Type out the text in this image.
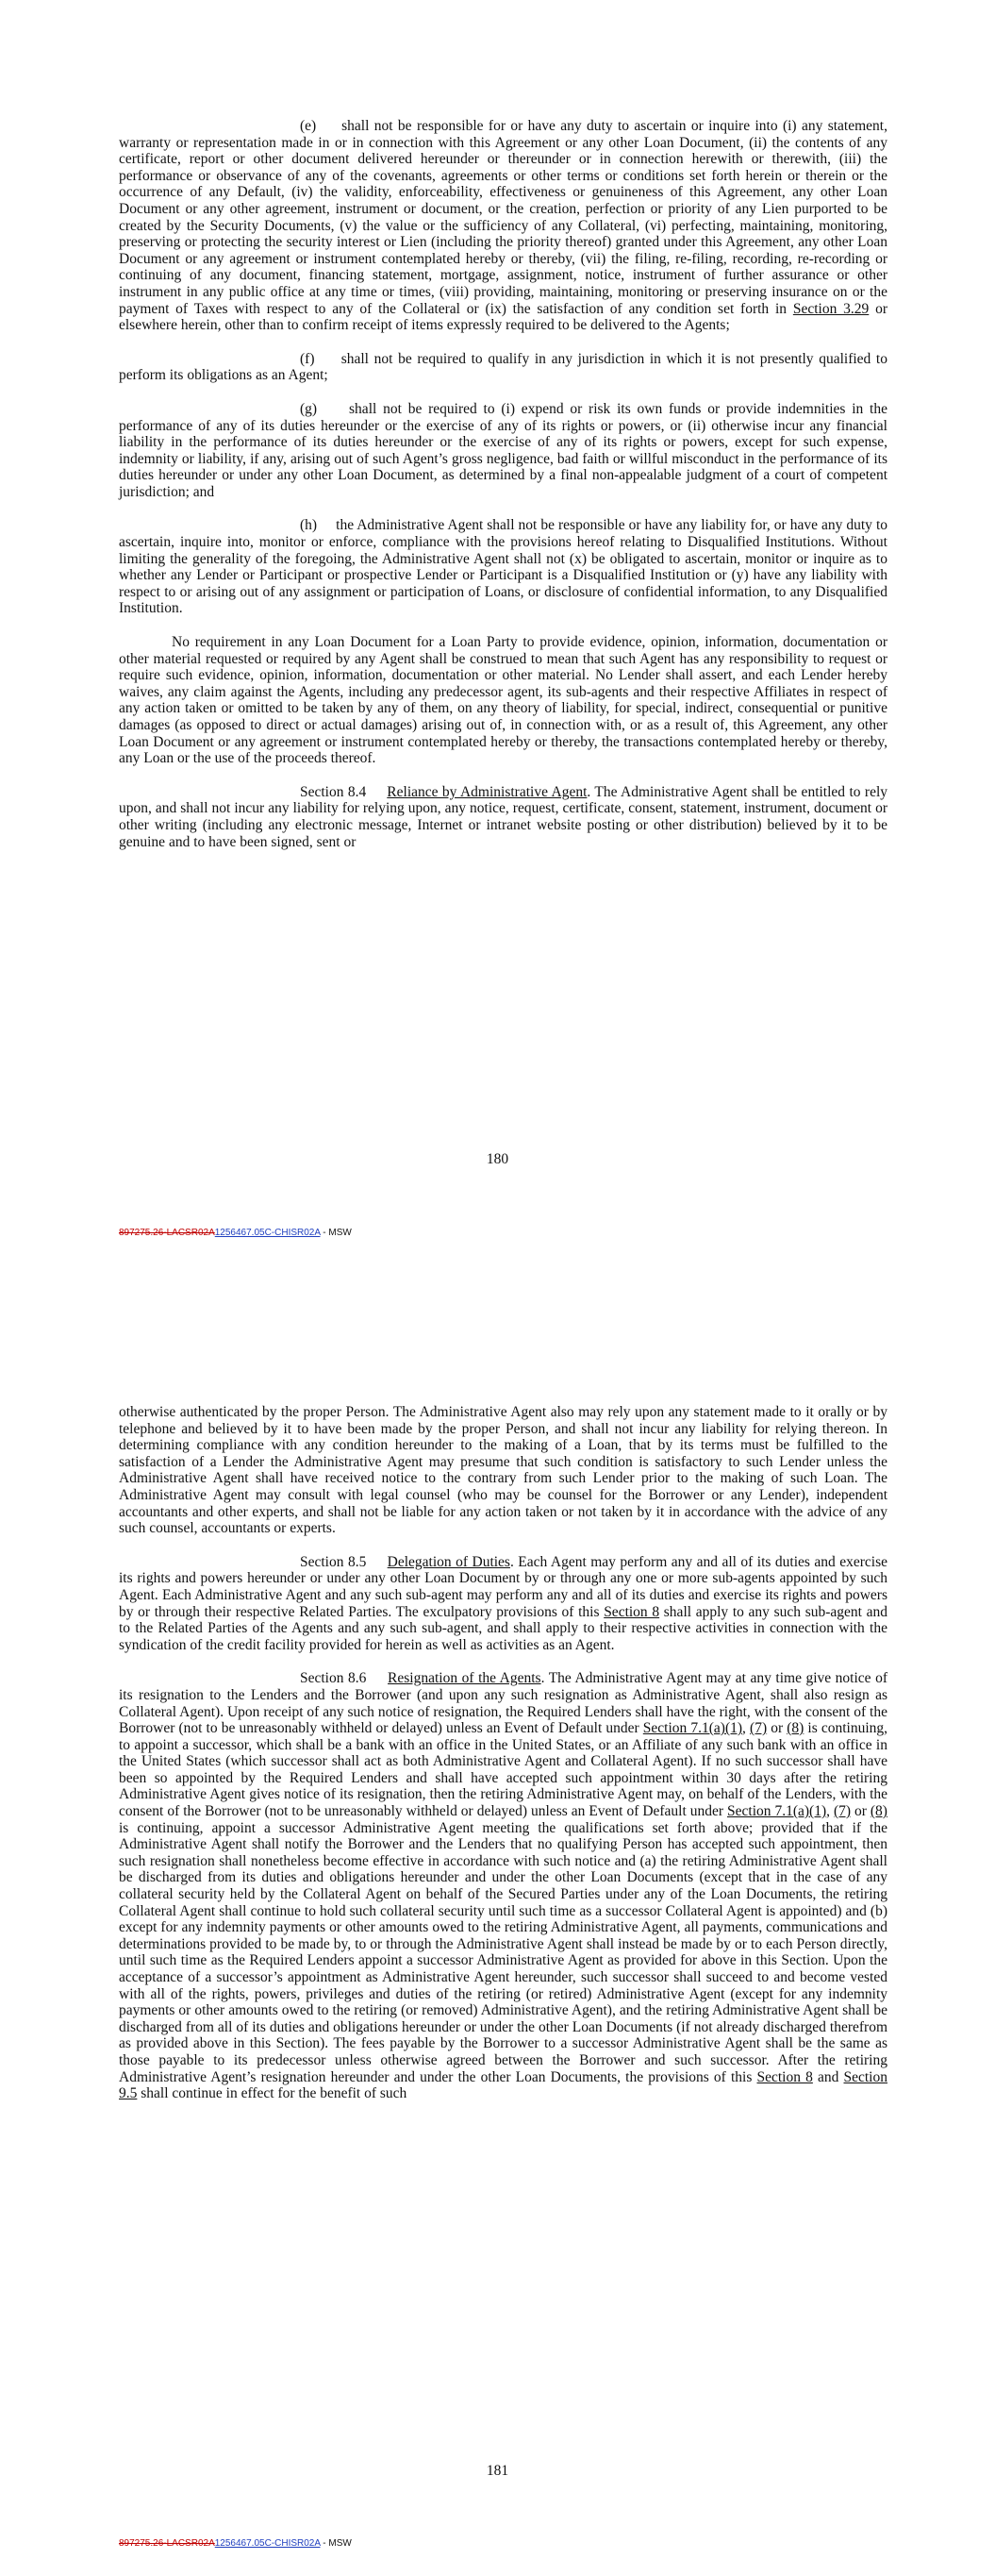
(e)     shall not be responsible for or have any duty to ascertain or inquire into (i) any statement, warranty or representation made in or in connection with this Agreement or any other Loan Document, (ii) the contents of any certificate, report or other document delivered hereunder or thereunder or in connection herewith or therewith, (iii) the performance or observance of any of the covenants, agreements or other terms or conditions set forth herein or therein or the occurrence of any Default, (iv) the validity, enforceability, effectiveness or genuineness of this Agreement, any other Loan Document or any other agreement, instrument or document, or the creation, perfection or priority of any Lien purported to be created by the Security Documents, (v) the value or the sufficiency of any Collateral, (vi) perfecting, maintaining, monitoring, preserving or protecting the security interest or Lien (including the priority thereof) granted under this Agreement, any other Loan Document or any agreement or instrument contemplated hereby or thereby, (vii) the filing, re-filing, recording, re-recording or continuing of any document, financing statement, mortgage, assignment, notice, instrument of further assurance or other instrument in any public office at any time or times, (viii) providing, maintaining, monitoring or preserving insurance on or the payment of Taxes with respect to any of the Collateral or (ix) the satisfaction of any condition set forth in Section 3.29 or elsewhere herein, other than to confirm receipt of items expressly required to be delivered to the Agents;

(f)     shall not be required to qualify in any jurisdiction in which it is not presently qualified to perform its obligations as an Agent;

(g)     shall not be required to (i) expend or risk its own funds or provide indemnities in the performance of any of its duties hereunder or the exercise of any of its rights or powers, or (ii) otherwise incur any financial liability in the performance of its duties hereunder or the exercise of any of its rights or powers, except for such expense, indemnity or liability, if any, arising out of such Agent’s gross negligence, bad faith or willful misconduct in the performance of its duties hereunder or under any other Loan Document, as determined by a final non-appealable judgment of a court of competent jurisdiction; and

(h)     the Administrative Agent shall not be responsible or have any liability for, or have any duty to ascertain, inquire into, monitor or enforce, compliance with the provisions hereof relating to Disqualified Institutions. Without limiting the generality of the foregoing, the Administrative Agent shall not (x) be obligated to ascertain, monitor or inquire as to whether any Lender or Participant or prospective Lender or Participant is a Disqualified Institution or (y) have any liability with respect to or arising out of any assignment or participation of Loans, or disclosure of confidential information, to any Disqualified Institution.

No requirement in any Loan Document for a Loan Party to provide evidence, opinion, information, documentation or other material requested or required by any Agent shall be construed to mean that such Agent has any responsibility to request or require such evidence, opinion, information, documentation or other material. No Lender shall assert, and each Lender hereby waives, any claim against the Agents, including any predecessor agent, its sub-agents and their respective Affiliates in respect of any action taken or omitted to be taken by any of them, on any theory of liability, for special, indirect, consequential or punitive damages (as opposed to direct or actual damages) arising out of, in connection with, or as a result of, this Agreement, any other Loan Document or any agreement or instrument contemplated hereby or thereby, the transactions contemplated hereby or thereby, any Loan or the use of the proceeds thereof.

Section 8.4     Reliance by Administrative Agent. The Administrative Agent shall be entitled to rely upon, and shall not incur any liability for relying upon, any notice, request, certificate, consent, statement, instrument, document or other writing (including any electronic message, Internet or intranet website posting or other distribution) believed by it to be genuine and to have been signed, sent or

180
897275.26-LACSR02A1256467.05C-CHISR02A - MSW

otherwise authenticated by the proper Person. The Administrative Agent also may rely upon any statement made to it orally or by telephone and believed by it to have been made by the proper Person, and shall not incur any liability for relying thereon. In determining compliance with any condition hereunder to the making of a Loan, that by its terms must be fulfilled to the satisfaction of a Lender the Administrative Agent may presume that such condition is satisfactory to such Lender unless the Administrative Agent shall have received notice to the contrary from such Lender prior to the making of such Loan. The Administrative Agent may consult with legal counsel (who may be counsel for the Borrower or any Lender), independent accountants and other experts, and shall not be liable for any action taken or not taken by it in accordance with the advice of any such counsel, accountants or experts.

Section 8.5     Delegation of Duties. Each Agent may perform any and all of its duties and exercise its rights and powers hereunder or under any other Loan Document by or through any one or more sub-agents appointed by such Agent. Each Administrative Agent and any such sub-agent may perform any and all of its duties and exercise its rights and powers by or through their respective Related Parties. The exculpatory provisions of this Section 8 shall apply to any such sub-agent and to the Related Parties of the Agents and any such sub-agent, and shall apply to their respective activities in connection with the syndication of the credit facility provided for herein as well as activities as an Agent.

Section 8.6     Resignation of the Agents. The Administrative Agent may at any time give notice of its resignation to the Lenders and the Borrower (and upon any such resignation as Administrative Agent, shall also resign as Collateral Agent). Upon receipt of any such notice of resignation, the Required Lenders shall have the right, with the consent of the Borrower (not to be unreasonably withheld or delayed) unless an Event of Default under Section 7.1(a)(1), (7) or (8) is continuing, to appoint a successor, which shall be a bank with an office in the United States, or an Affiliate of any such bank with an office in the United States (which successor shall act as both Administrative Agent and Collateral Agent). If no such successor shall have been so appointed by the Required Lenders and shall have accepted such appointment within 30 days after the retiring Administrative Agent gives notice of its resignation, then the retiring Administrative Agent may, on behalf of the Lenders, with the consent of the Borrower (not to be unreasonably withheld or delayed) unless an Event of Default under Section 7.1(a)(1), (7) or (8) is continuing, appoint a successor Administrative Agent meeting the qualifications set forth above; provided that if the Administrative Agent shall notify the Borrower and the Lenders that no qualifying Person has accepted such appointment, then such resignation shall nonetheless become effective in accordance with such notice and (a) the retiring Administrative Agent shall be discharged from its duties and obligations hereunder and under the other Loan Documents (except that in the case of any collateral security held by the Collateral Agent on behalf of the Secured Parties under any of the Loan Documents, the retiring Collateral Agent shall continue to hold such collateral security until such time as a successor Collateral Agent is appointed) and (b) except for any indemnity payments or other amounts owed to the retiring Administrative Agent, all payments, communications and determinations provided to be made by, to or through the Administrative Agent shall instead be made by or to each Person directly, until such time as the Required Lenders appoint a successor Administrative Agent as provided for above in this Section. Upon the acceptance of a successor’s appointment as Administrative Agent hereunder, such successor shall succeed to and become vested with all of the rights, powers, privileges and duties of the retiring (or retired) Administrative Agent (except for any indemnity payments or other amounts owed to the retiring (or removed) Administrative Agent), and the retiring Administrative Agent shall be discharged from all of its duties and obligations hereunder or under the other Loan Documents (if not already discharged therefrom as provided above in this Section). The fees payable by the Borrower to a successor Administrative Agent shall be the same as those payable to its predecessor unless otherwise agreed between the Borrower and such successor. After the retiring Administrative Agent’s resignation hereunder and under the other Loan Documents, the provisions of this Section 8 and Section 9.5 shall continue in effect for the benefit of such

181
897275.26-LACSR02A1256467.05C-CHISR02A - MSW
